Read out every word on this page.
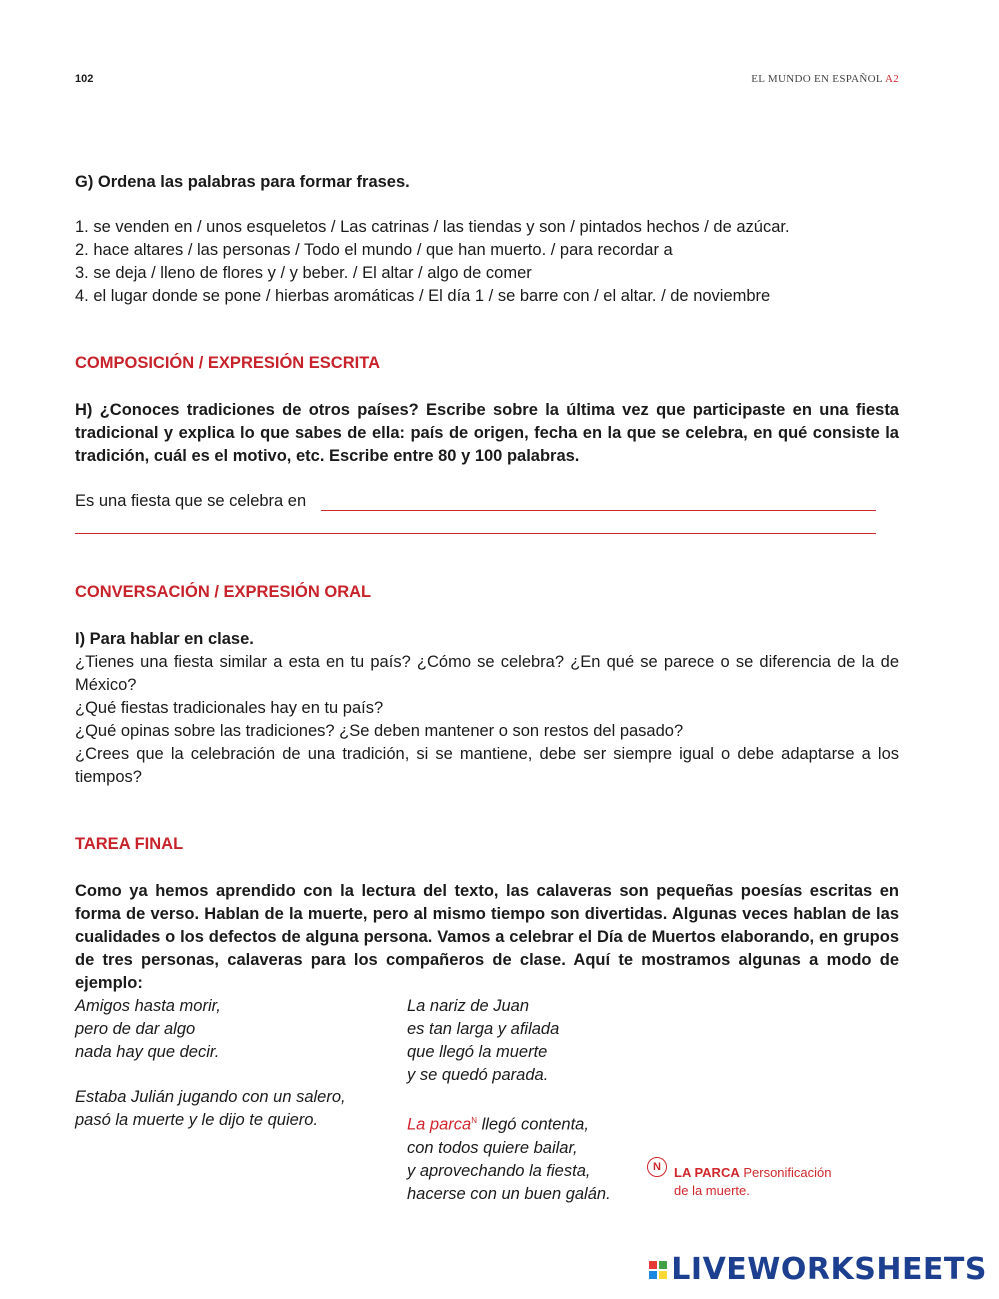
102	EL MUNDO EN ESPAÑOL A2
G) Ordena las palabras para formar frases.
1. se venden en / unos esqueletos / Las catrinas / las tiendas y son / pintados hechos / de azúcar.
2. hace altares / las personas / Todo el mundo / que han muerto. / para recordar a
3. se deja / lleno de flores y / y beber. / El altar / algo de comer
4. el lugar donde se pone / hierbas aromáticas / El día 1 / se barre con / el altar. / de noviembre
COMPOSICIÓN / EXPRESIÓN ESCRITA
H) ¿Conoces tradiciones de otros países? Escribe sobre la última vez que participaste en una fiesta tradicional y explica lo que sabes de ella: país de origen, fecha en la que se celebra, en qué consiste la tradición, cuál es el motivo, etc. Escribe entre 80 y 100 palabras.
Es una fiesta que se celebra en
CONVERSACIÓN / EXPRESIÓN ORAL
I) Para hablar en clase.
¿Tienes una fiesta similar a esta en tu país? ¿Cómo se celebra? ¿En qué se parece o se diferencia de la de México?
¿Qué fiestas tradicionales hay en tu país?
¿Qué opinas sobre las tradiciones? ¿Se deben mantener o son restos del pasado?
¿Crees que la celebración de una tradición, si se mantiene, debe ser siempre igual o debe adaptarse a los tiempos?
TAREA FINAL
Como ya hemos aprendido con la lectura del texto, las calaveras son pequeñas poesías escritas en forma de verso. Hablan de la muerte, pero al mismo tiempo son divertidas. Algunas veces hablan de las cualidades o los defectos de alguna persona. Vamos a celebrar el Día de Muertos elaborando, en grupos de tres personas, calaveras para los compañeros de clase. Aquí te mostramos algunas a modo de ejemplo:
Amigos hasta morir,
pero de dar algo
nada hay que decir.
Estaba Julián jugando con un salero,
pasó la muerte y le dijo te quiero.
La nariz de Juan
es tan larga y afilada
que llegó la muerte
y se quedó parada.
La parca$^N$ llegó contenta,
con todos quiere bailar,
y aprovechando la fiesta,
hacerse con un buen galán.
N	LA PARCA Personificación
de la muerte.
LIVEWORKSHEETS
